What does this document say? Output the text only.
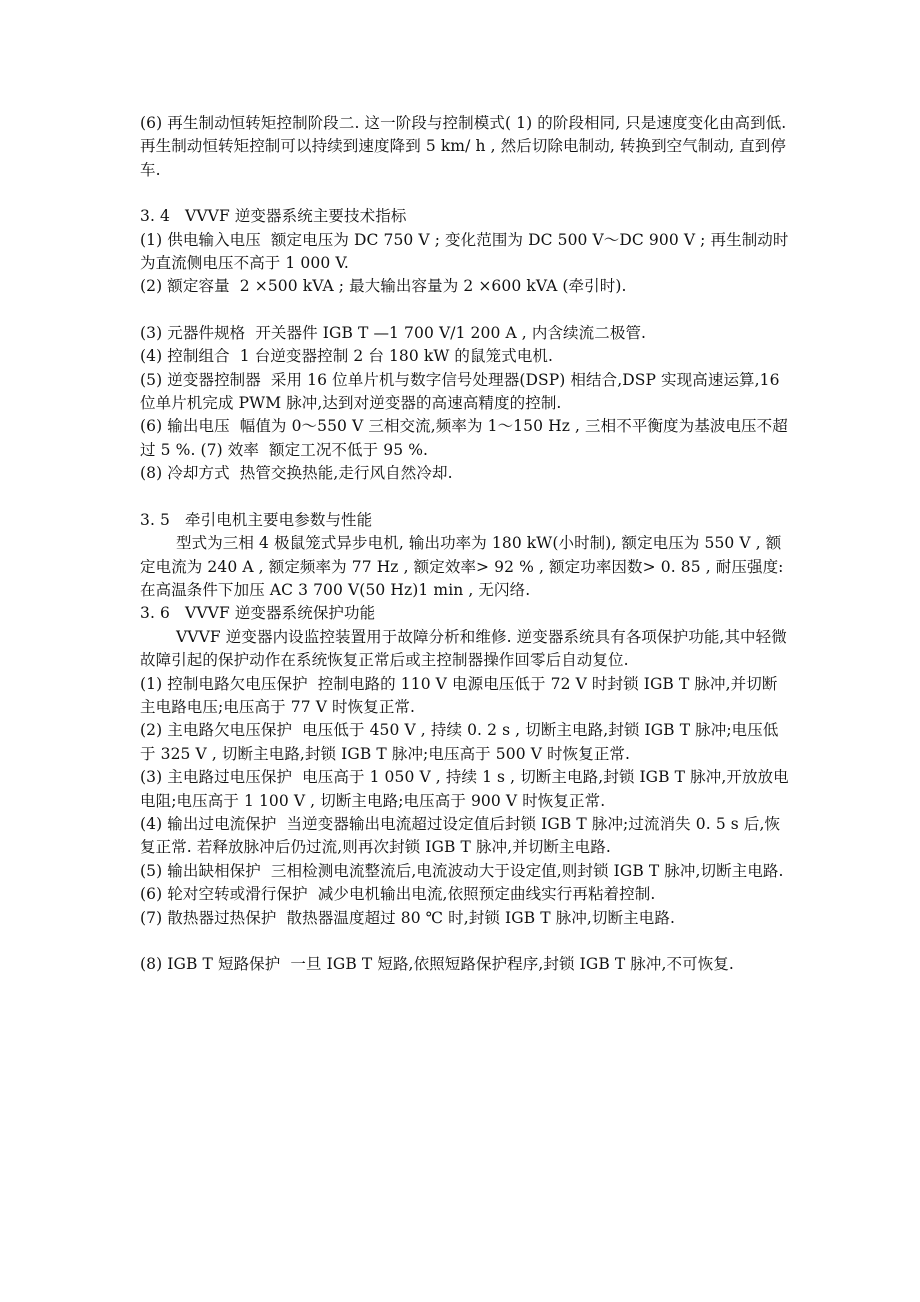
(6) 再生制动恒转矩控制阶段二. 这一阶段与控制模式( 1) 的阶段相同, 只是速度变化由高到低. 再生制动恒转矩控制可以持续到速度降到 5 km/ h , 然后切除电制动, 转换到空气制动, 直到停车.

3. 4   VVVF 逆变器系统主要技术指标

(1) 供电输入电压  额定电压为 DC 750 V ; 变化范围为 DC 500 V～DC 900 V ; 再生制动时为直流侧电压不高于 1 000 V.

(2) 额定容量  2 ×500 kVA ; 最大输出容量为 2 ×600 kVA (牵引时).

(3) 元器件规格  开关器件 IGB T —1 700 V/1 200 A , 内含续流二极管.

(4) 控制组合  1 台逆变器控制 2 台 180 kW 的鼠笼式电机.

(5) 逆变器控制器  采用 16 位单片机与数字信号处理器(DSP) 相结合,DSP 实现高速运算,16 位单片机完成 PWM 脉冲,达到对逆变器的高速高精度的控制.

(6) 输出电压  幅值为 0～550 V 三相交流,频率为 1～150 Hz , 三相不平衡度为基波电压不超过 5 %. (7) 效率  额定工况不低于 95 %.

(8) 冷却方式  热管交换热能,走行风自然冷却.

3. 5   牵引电机主要电参数与性能

型式为三相 4 极鼠笼式异步电机, 输出功率为 180 kW(小时制), 额定电压为 550 V , 额定电流为 240 A , 额定频率为 77 Hz , 额定效率> 92 % , 额定功率因数> 0. 85 , 耐压强度:在高温条件下加压 AC 3 700 V(50 Hz)1 min , 无闪络.

3. 6   VVVF 逆变器系统保护功能

VVVF 逆变器内设监控装置用于故障分析和维修. 逆变器系统具有各项保护功能,其中轻微故障引起的保护动作在系统恢复正常后或主控制器操作回零后自动复位.

(1) 控制电路欠电压保护  控制电路的 110 V 电源电压低于 72 V 时封锁 IGB T 脉冲,并切断主电路电压;电压高于 77 V 时恢复正常.

(2) 主电路欠电压保护  电压低于 450 V , 持续 0. 2 s , 切断主电路,封锁 IGB T 脉冲;电压低于 325 V , 切断主电路,封锁 IGB T 脉冲;电压高于 500 V 时恢复正常.

(3) 主电路过电压保护  电压高于 1 050 V , 持续 1 s , 切断主电路,封锁 IGB T 脉冲,开放放电电阻;电压高于 1 100 V , 切断主电路;电压高于 900 V 时恢复正常.

(4) 输出过电流保护  当逆变器输出电流超过设定值后封锁 IGB T 脉冲;过流消失 0. 5 s 后,恢复正常. 若释放脉冲后仍过流,则再次封锁 IGB T 脉冲,并切断主电路.

(5) 输出缺相保护  三相检测电流整流后,电流波动大于设定值,则封锁 IGB T 脉冲,切断主电路.

(6) 轮对空转或滑行保护  减少电机输出电流,依照预定曲线实行再粘着控制.

(7) 散热器过热保护  散热器温度超过 80 ℃ 时,封锁 IGB T 脉冲,切断主电路.

(8) IGB T 短路保护  一旦 IGB T 短路,依照短路保护程序,封锁 IGB T 脉冲,不可恢复.
